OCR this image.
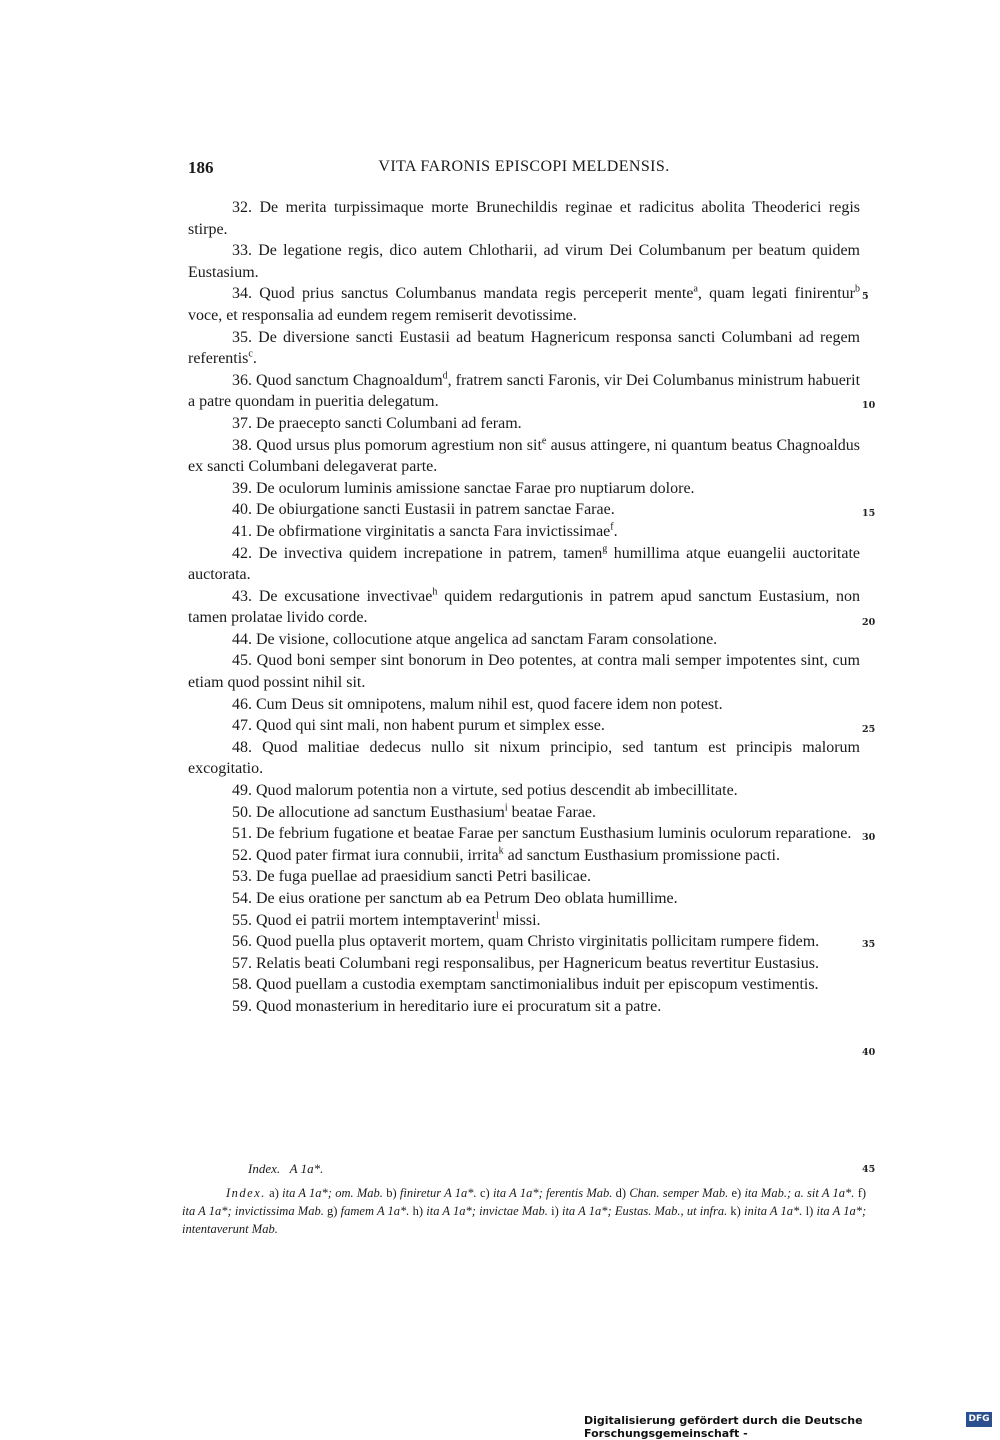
186	VITA FARONIS EPISCOPI MELDENSIS.

32. De merita turpissimaque morte Brunechildis reginae et radicitus abolita Theoderici regis stirpe.

33. De legatione regis, dico autem Chlotharii, ad virum Dei Columbanum per beatum quidem Eustasium.

34. Quod prius sanctus Columbanus mandata regis perceperit mente$^a$, quam legati finirentur$^b$ voce, et responsalia ad eundem regem remiserit devotissime.

35. De diversione sancti Eustasii ad beatum Hagnericum responsa sancti Columbani ad regem referentis$^c$.

36. Quod sanctum Chagnoaldum$^d$, fratrem sancti Faronis, vir Dei Columbanus ministrum habuerit a patre quondam in pueritia delegatum.

37. De praecepto sancti Columbani ad feram.

38. Quod ursus plus pomorum agrestium non sit$^e$ ausus attingere, ni quantum beatus Chagnoaldus ex sancti Columbani delegaverat parte.

39. De oculorum luminis amissione sanctae Farae pro nuptiarum dolore.

40. De obiurgatione sancti Eustasii in patrem sanctae Farae.

41. De obfirmatione virginitatis a sancta Fara invictissimae$^f$.

42. De invectiva quidem increpatione in patrem, tamen$^g$ humillima atque euangelii auctoritate auctorata.

43. De excusatione invectivae$^h$ quidem redargutionis in patrem apud sanctum Eustasium, non tamen prolatae livido corde.

44. De visione, collocutione atque angelica ad sanctam Faram consolatione.

45. Quod boni semper sint bonorum in Deo potentes, at contra mali semper impotentes sint, cum etiam quod possint nihil sit.

46. Cum Deus sit omnipotens, malum nihil est, quod facere idem non potest.

47. Quod qui sint mali, non habent purum et simplex esse.

48. Quod malitiae dedecus nullo sit nixum principio, sed tantum est principis malorum excogitatio.

49. Quod malorum potentia non a virtute, sed potius descendit ab imbecillitate.

50. De allocutione ad sanctum Eusthasium$^i$ beatae Farae.

51. De febrium fugatione et beatae Farae per sanctum Eusthasium luminis oculorum reparatione.

52. Quod pater firmat iura connubii, irrita$^k$ ad sanctum Eusthasium promissione pacti.

53. De fuga puellae ad praesidium sancti Petri basilicae.

54. De eius oratione per sanctum ab ea Petrum Deo oblata humillime.

55. Quod ei patrii mortem intemptaverint$^l$ missi.

56. Quod puella plus optaverit mortem, quam Christo virginitatis pollicitam rumpere fidem.

57. Relatis beati Columbani regi responsalibus, per Hagnericum beatus revertitur Eustasius.

58. Quod puellam a custodia exemptam sanctimonialibus induit per episcopum vestimentis.

59. Quod monasterium in hereditario iure ei procuratum sit a patre.

5
10
15
20
25
30
35
40
45
Index. A 1a*.

Index. a) ita A 1a*; om. Mab. b) finiretur A 1a*. c) ita A 1a*; ferentis Mab. d) Chan. semper Mab. e) ita Mab.; a. sit A 1a*. f) ita A 1a*; invictissima Mab. g) famem A 1a*. h) ita A 1a*; invictae Mab. i) ita A 1a*; Eustas. Mab., ut infra. k) inita A 1a*. l) ita A 1a*; intentaverunt Mab.

Digitalisierung gefördert durch die Deutsche Forschungsgemeinschaft -
DFG
